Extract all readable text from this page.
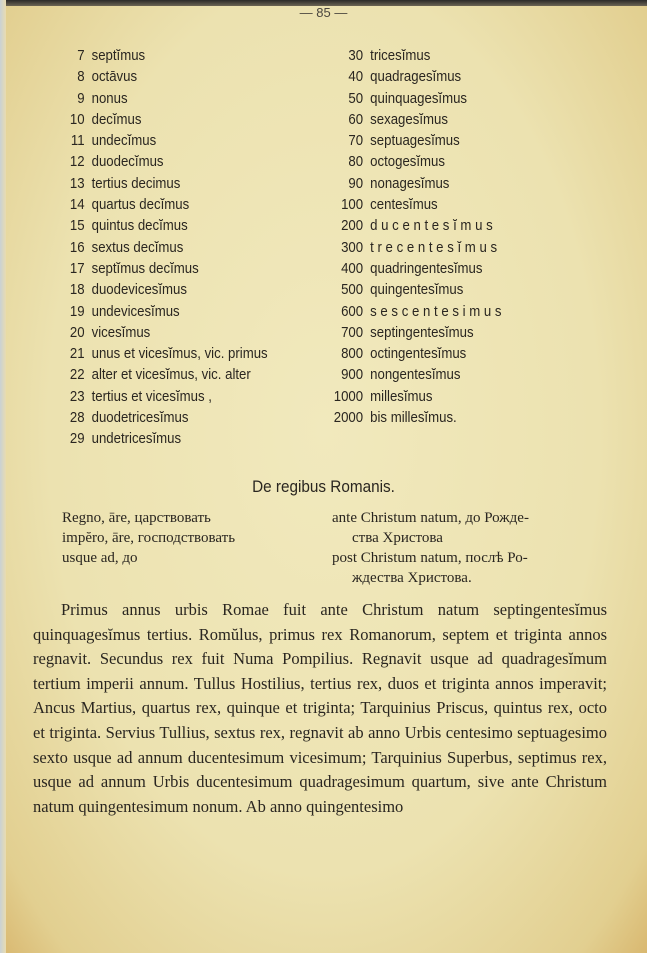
— 85 —
7 septĭmus
8 octāvus
9 nonus
10 decĭmus
11 undecĭmus
12 duodecĭmus
13 tertius decimus
14 quartus decĭmus
15 quintus decĭmus
16 sextus decĭmus
17 septĭmus decĭmus
18 duodevicesĭmus
19 undevicesĭmus
20 vicesĭmus
21 unus et vicesĭmus, vic. primus
22 alter et vicesĭmus, vic. alter
23 tertius et vicesĭmus ,
28 duodetricesĭmus
29 undetricesĭmus
30 tricesĭmus
40 quadragesĭmus
50 quinquagesĭmus
60 sexagesĭmus
70 septuagesĭmus
80 octogesĭmus
90 nonagesĭmus
100 centesĭmus
200 d u c e n t e s ĭ m u s
300 t r e c e n t e s ĭ m u s
400 quadringentesĭmus
500 quingentesĭmus
600 s e s c e n t e s i m u s
700 septingentesĭmus
800 octingentesĭmus
900 nongentesĭmus
1000 millesĭmus
2000 bis millesĭmus.
De regibus Romanis.
Regno, āre, царствовать
impĕro, āre, господствовать
usque ad, до
ante Christum natum, до Рожде-
ства Христова
post Christum natum, послѣ Ро-
ждества Христова.
Primus annus urbis Romae fuit ante Christum natum septingentesĭmus quinquagesĭmus tertius. Romŭlus, primus rex Romanorum, septem et triginta annos regnavit. Secundus rex fuit Numa Pompilius. Regnavit usque ad quadragesĭmum tertium imperii annum. Tullus Hostilius, tertius rex, duos et triginta annos imperavit; Ancus Martius, quartus rex, quinque et triginta; Tarquinius Priscus, quintus rex, octo et triginta. Servius Tullius, sextus rex, regnavit ab anno Urbis centesimo septuagesimo sexto usque ad annum ducentesimum vicesimum; Tarquinius Superbus, septimus rex, usque ad annum Urbis ducentesimum quadragesimum quartum, sive ante Christum natum quingentesimum nonum. Ab anno quingentesimo
